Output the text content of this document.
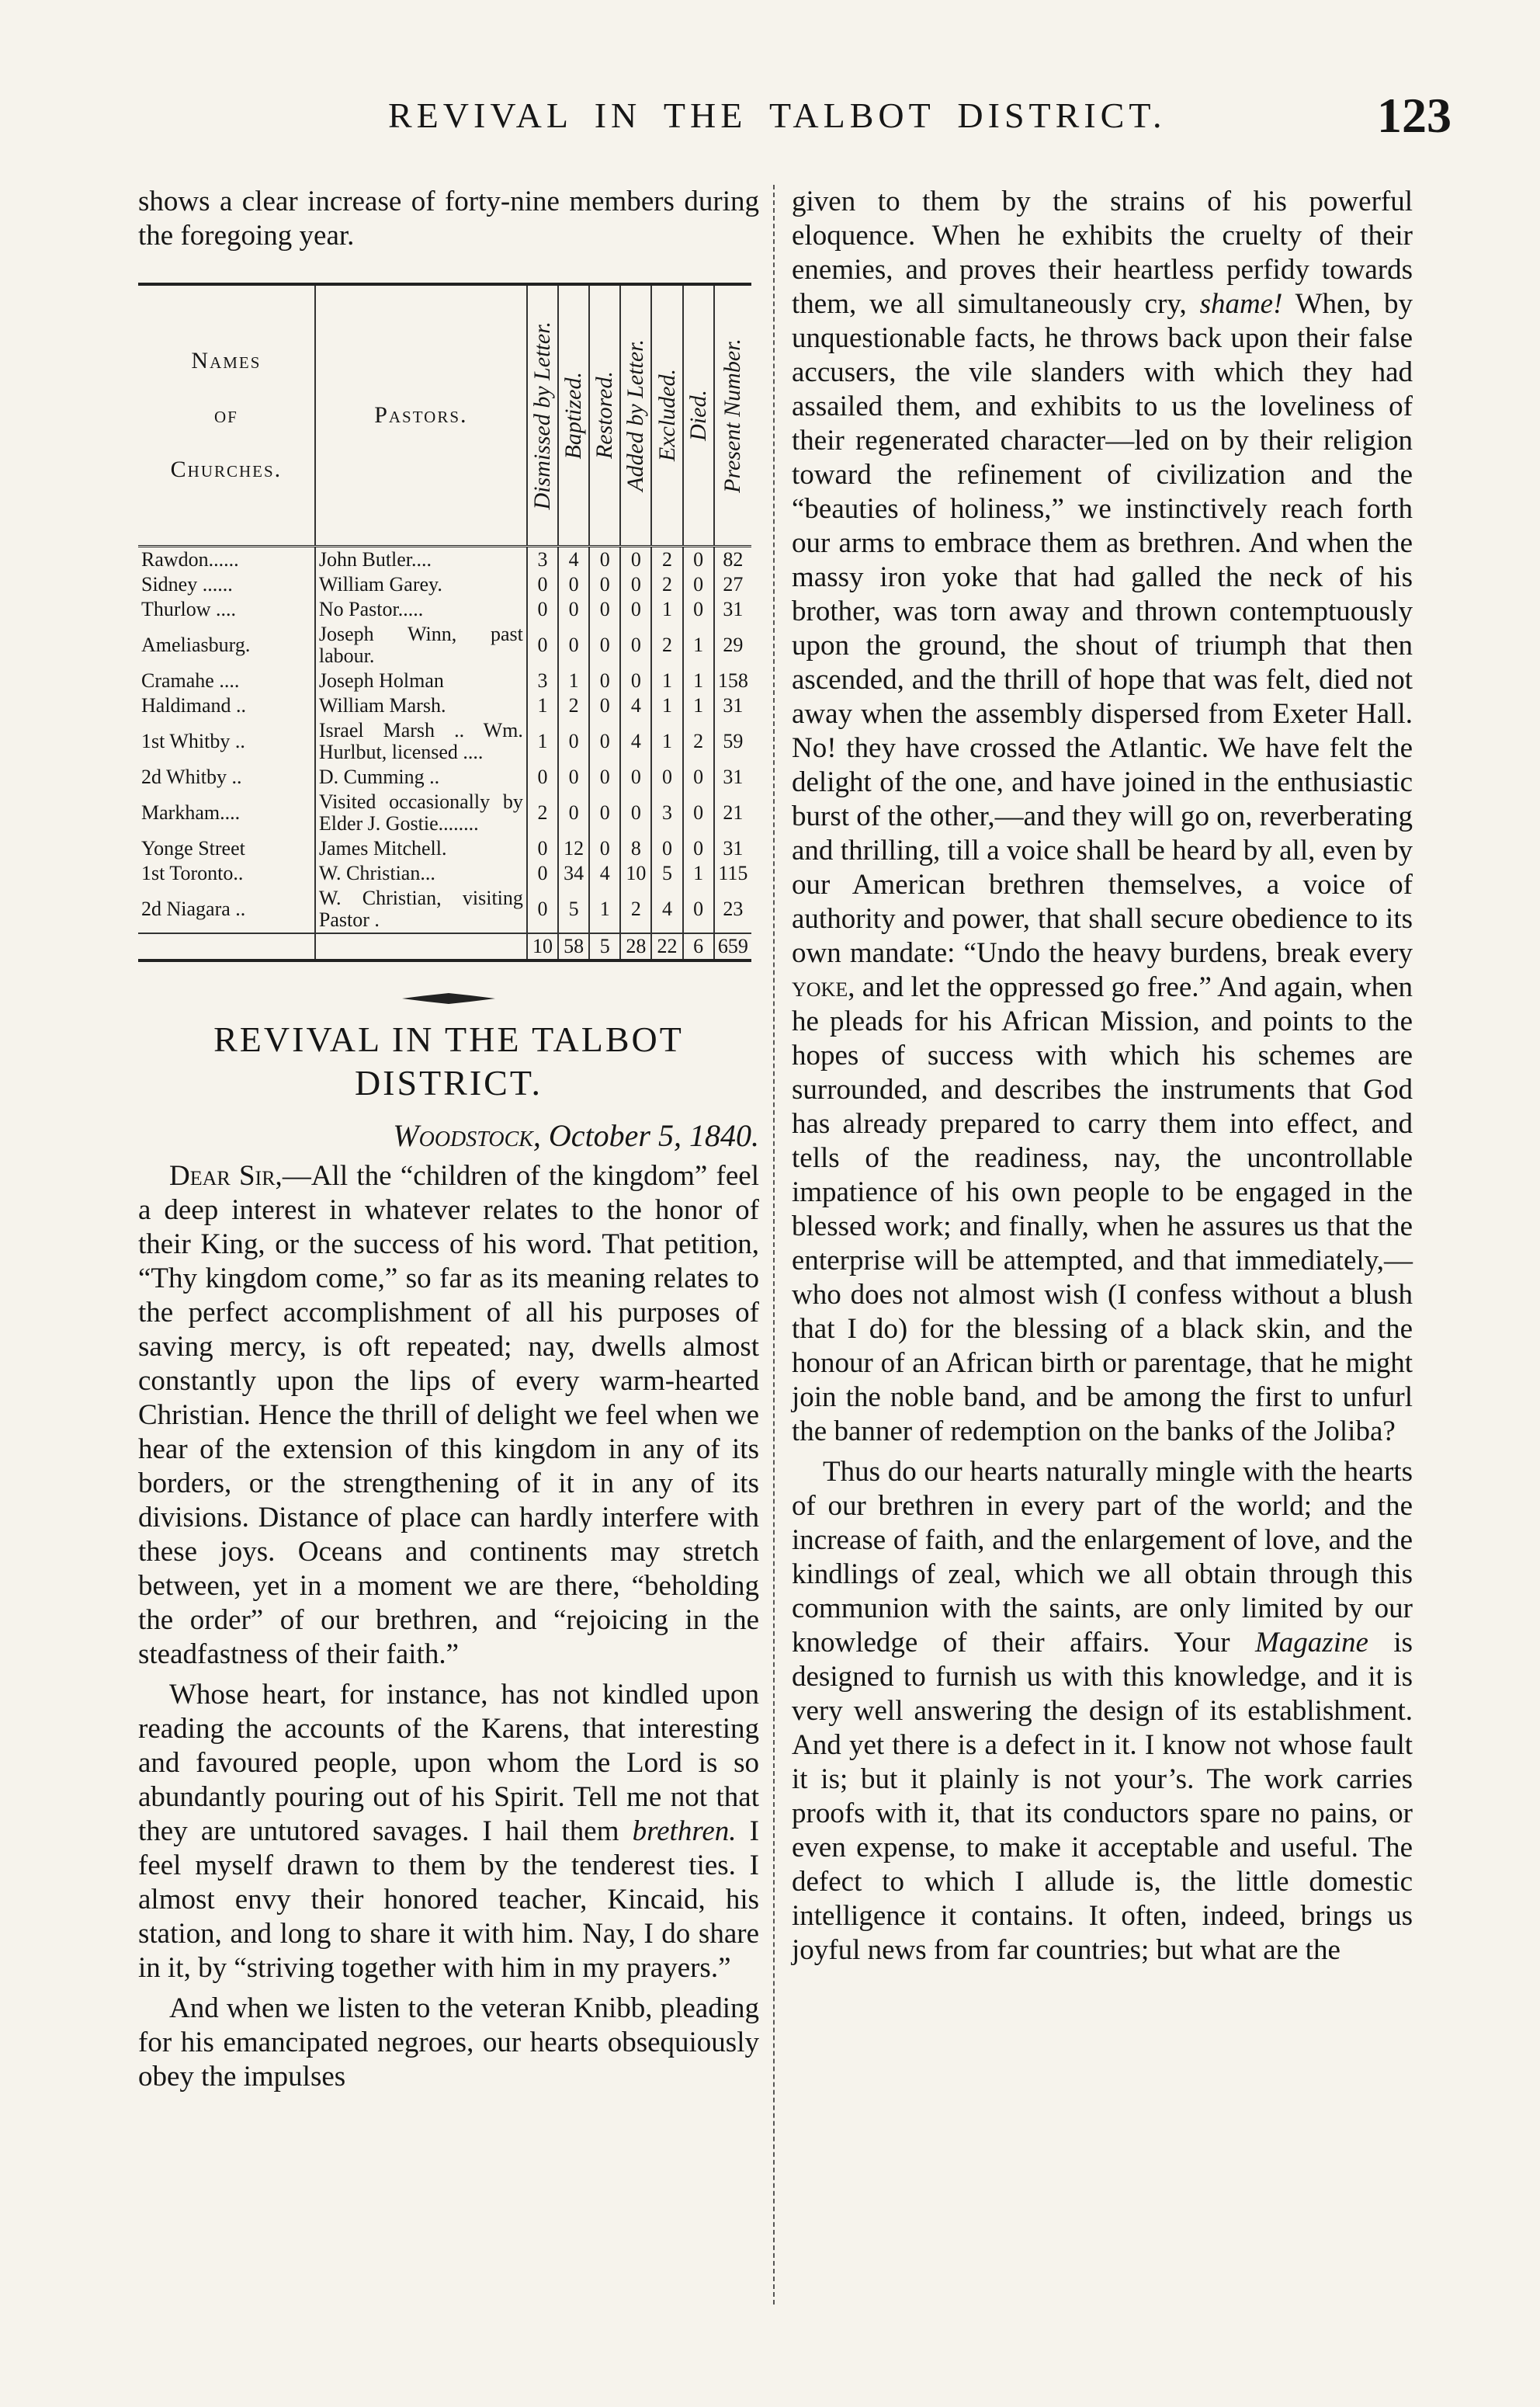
REVIVAL IN THE TALBOT DISTRICT.	123

shows a clear increase of forty-nine members during the foregoing year.

Names
of
Churches.	Pastors.	Dismissed by Letter.	Baptized.	Restored.	Added by Letter.	Excluded.	Died.	Present Number.

Rawdon......	John Butler....	3	4	0	0	2	0	82
Sidney ......	William Garey.	0	0	0	0	2	0	27
Thurlow ....	No Pastor.....	0	0	0	0	1	0	31
Ameliasburg.	Joseph Winn, past labour.	0	0	0	0	2	1	29
Cramahe ....	Joseph Holman	3	1	0	0	1	1	158
Haldimand ..	William Marsh.	1	2	0	4	1	1	31
1st Whitby ..	Israel Marsh .. Wm. Hurlbut, licensed ....	1	0	0	4	1	2	59
2d Whitby ..	D. Cumming ..	0	0	0	0	0	0	31
Markham....	Visited occasionally by Elder J. Gostie........	2	0	0	0	3	0	21
Yonge Street	James Mitchell.	0	12	0	8	0	0	31
1st Toronto..	W. Christian...	0	34	4	10	5	1	115
2d Niagara ..	W. Christian, visiting Pastor .	0	5	1	2	4	0	23
		10	58	5	28	22	6	659
REVIVAL IN THE TALBOT
DISTRICT.
Woodstock, October 5, 1840.

Dear Sir,—All the “children of the kingdom” feel a deep interest in whatever relates to the honor of their King, or the success of his word. That petition, “Thy kingdom come,” so far as its meaning relates to the perfect accomplishment of all his purposes of saving mercy, is oft repeated; nay, dwells almost constantly upon the lips of every warm-hearted Christian. Hence the thrill of delight we feel when we hear of the extension of this kingdom in any of its borders, or the strengthening of it in any of its divisions. Distance of place can hardly interfere with these joys. Oceans and continents may stretch between, yet in a moment we are there, “beholding the order” of our brethren, and “rejoicing in the steadfastness of their faith.”

Whose heart, for instance, has not kindled upon reading the accounts of the Karens, that interesting and favoured people, upon whom the Lord is so abundantly pouring out of his Spirit. Tell me not that they are untutored savages. I hail them brethren. I feel myself drawn to them by the tenderest ties. I almost envy their honored teacher, Kincaid, his station, and long to share it with him. Nay, I do share in it, by “striving together with him in my prayers.”

And when we listen to the veteran Knibb, pleading for his emancipated negroes, our hearts obsequiously obey the impulses

given to them by the strains of his powerful eloquence. When he exhibits the cruelty of their enemies, and proves their heartless perfidy towards them, we all simultaneously cry, shame! When, by unquestionable facts, he throws back upon their false accusers, the vile slanders with which they had assailed them, and exhibits to us the loveliness of their regenerated character—led on by their religion toward the refinement of civilization and the “beauties of holiness,” we instinctively reach forth our arms to embrace them as brethren. And when the massy iron yoke that had galled the neck of his brother, was torn away and thrown contemptuously upon the ground, the shout of triumph that then ascended, and the thrill of hope that was felt, died not away when the assembly dispersed from Exeter Hall. No! they have crossed the Atlantic. We have felt the delight of the one, and have joined in the enthusiastic burst of the other,—and they will go on, reverberating and thrilling, till a voice shall be heard by all, even by our American brethren themselves, a voice of authority and power, that shall secure obedience to its own mandate: “Undo the heavy burdens, break every yoke, and let the oppressed go free.” And again, when he pleads for his African Mission, and points to the hopes of success with which his schemes are surrounded, and describes the instruments that God has already prepared to carry them into effect, and tells of the readiness, nay, the uncontrollable impatience of his own people to be engaged in the blessed work; and finally, when he assures us that the enterprise will be attempted, and that immediately,—who does not almost wish (I confess without a blush that I do) for the blessing of a black skin, and the honour of an African birth or parentage, that he might join the noble band, and be among the first to unfurl the banner of redemption on the banks of the Joliba?

Thus do our hearts naturally mingle with the hearts of our brethren in every part of the world; and the increase of faith, and the enlargement of love, and the kindlings of zeal, which we all obtain through this communion with the saints, are only limited by our knowledge of their affairs. Your Magazine is designed to furnish us with this knowledge, and it is very well answering the design of its establishment. And yet there is a defect in it. I know not whose fault it is; but it plainly is not your’s. The work carries proofs with it, that its conductors spare no pains, or even expense, to make it acceptable and useful. The defect to which I allude is, the little domestic intelligence it contains. It often, indeed, brings us joyful news from far countries; but what are the
